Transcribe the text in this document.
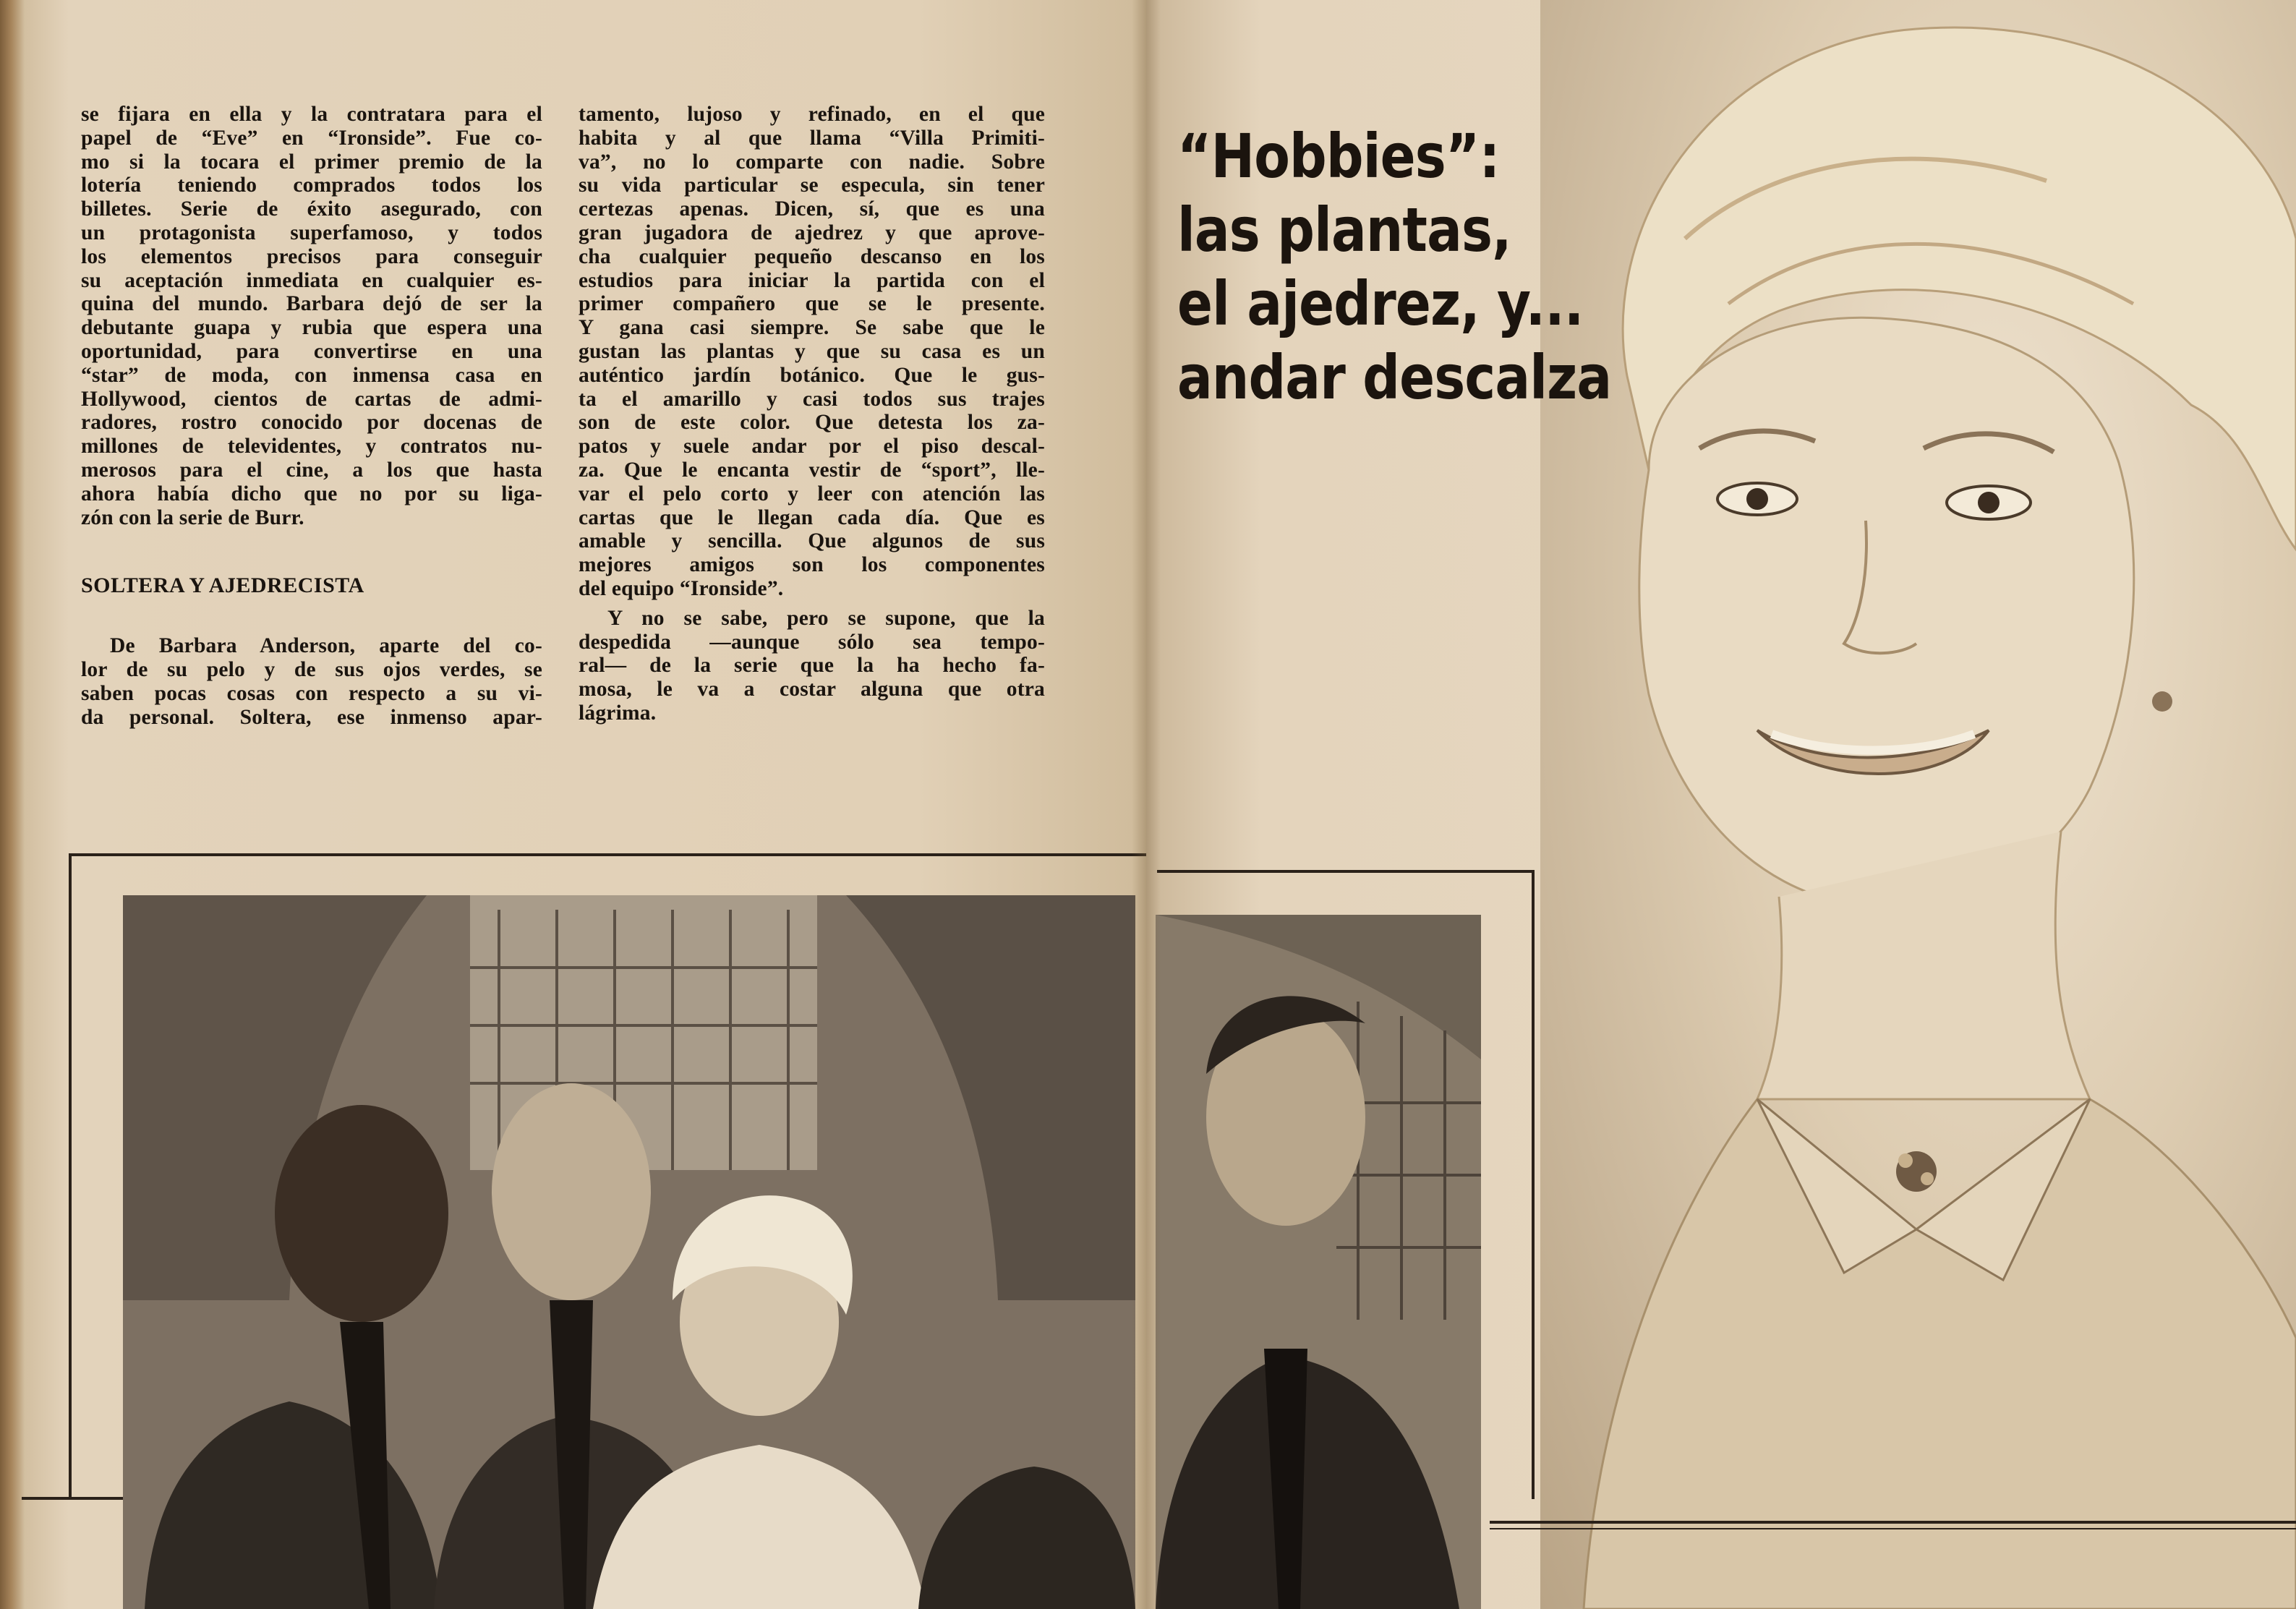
se fijara en ella y la contratara para el
papel de “Eve” en “Ironside”. Fue co-
mo si la tocara el primer premio de la
lotería teniendo comprados todos los
billetes. Serie de éxito asegurado, con
un protagonista superfamoso, y todos
los elementos precisos para conseguir
su aceptación inmediata en cualquier es-
quina del mundo. Barbara dejó de ser la
debutante guapa y rubia que espera una
oportunidad, para convertirse en una
“star” de moda, con inmensa casa en
Hollywood, cientos de cartas de admi-
radores, rostro conocido por docenas de
millones de televidentes, y contratos nu-
merosos para el cine, a los que hasta
ahora había dicho que no por su liga-
zón con la serie de Burr.
SOLTERA Y AJEDRECISTA
De Barbara Anderson, aparte del co-
lor de su pelo y de sus ojos verdes, se
saben pocas cosas con respecto a su vi-
da personal. Soltera, ese inmenso apar-
tamento, lujoso y refinado, en el que
habita y al que llama “Villa Primiti-
va”, no lo comparte con nadie. Sobre
su vida particular se especula, sin tener
certezas apenas. Dicen, sí, que es una
gran jugadora de ajedrez y que aprove-
cha cualquier pequeño descanso en los
estudios para iniciar la partida con el
primer compañero que se le presente.
Y gana casi siempre. Se sabe que le
gustan las plantas y que su casa es un
auténtico jardín botánico. Que le gus-
ta el amarillo y casi todos sus trajes
son de este color. Que detesta los za-
patos y suele andar por el piso descal-
za. Que le encanta vestir de “sport”, lle-
var el pelo corto y leer con atención las
cartas que le llegan cada día. Que es
amable y sencilla. Que algunos de sus
mejores amigos son los componentes
del equipo “Ironside”.
Y no se sabe, pero se supone, que la
despedida —aunque sólo sea tempo-
ral— de la serie que la ha hecho fa-
mosa, le va a costar alguna que otra
lágrima.
“Hobbies”:
las plantas,
el ajedrez, y...
andar descalza
